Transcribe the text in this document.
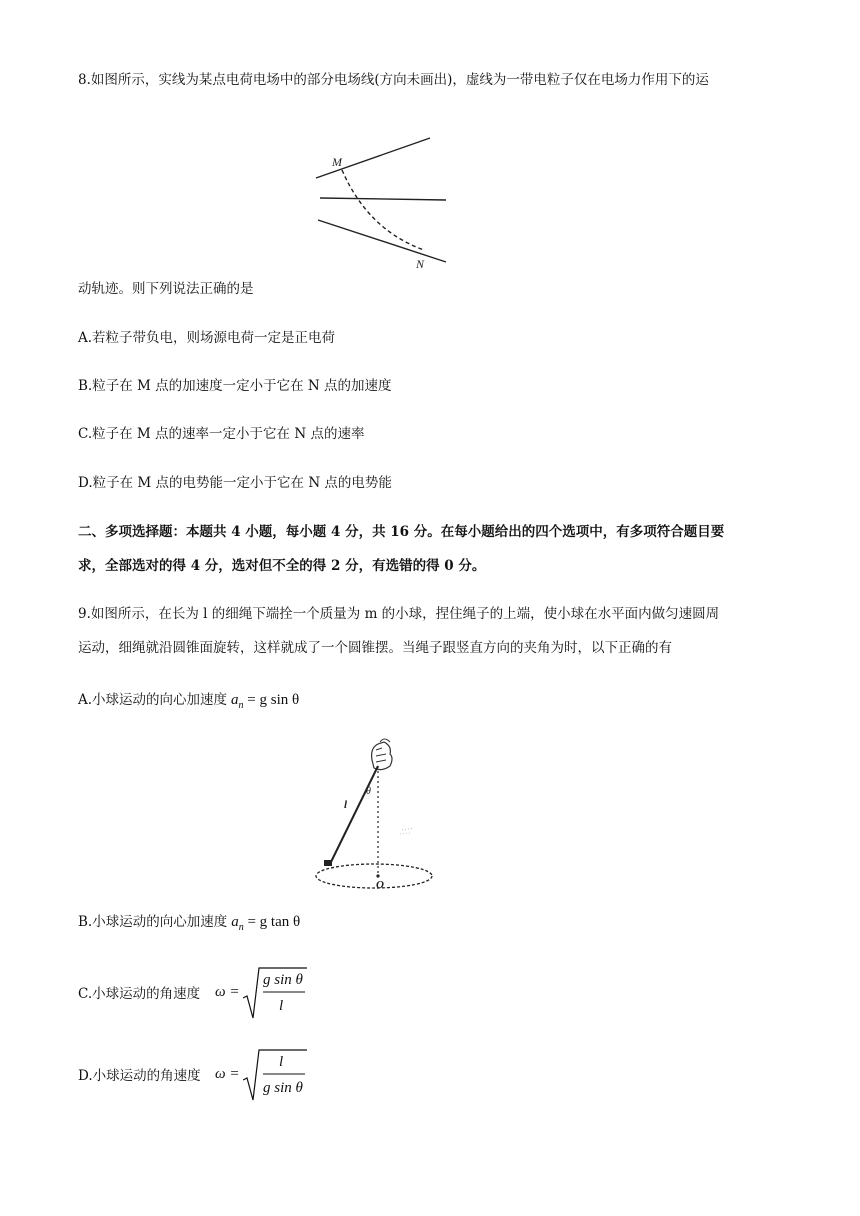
8.如图所示，实线为某点电荷电场中的部分电场线(方向未画出)，虚线为一带电粒子仅在电场力作用下的运
M
N
动轨迹。则下列说法正确的是
A.若粒子带负电，则场源电荷一定是正电荷
B.粒子在 M 点的加速度一定小于它在 N 点的加速度
C.粒子在 M 点的速率一定小于它在 N 点的速率
D.粒子在 M 点的电势能一定小于它在 N 点的电势能
二、多项选择题：本题共 4 小题，每小题 4 分，共 16 分。在每小题给出的四个选项中，有多项符合题目要
求，全部选对的得 4 分，选对但不全的得 2 分，有选错的得 0 分。
9.如图所示，在长为 l 的细绳下端拴一个质量为 m 的小球，捏住绳子的上端，使小球在水平面内做匀速圆周
运动，细绳就沿圆锥面旋转，这样就成了一个圆锥摆。当绳子跟竖直方向的夹角为时，以下正确的有
A.小球运动的向心加速度 $a_n = g$ sin θ
l
θ
O
B.小球运动的向心加速度 $a_n = g$ tan θ
C.小球运动的角速度 ω =
g sin θ
l
D.小球运动的角速度 ω =
l
g sin θ
